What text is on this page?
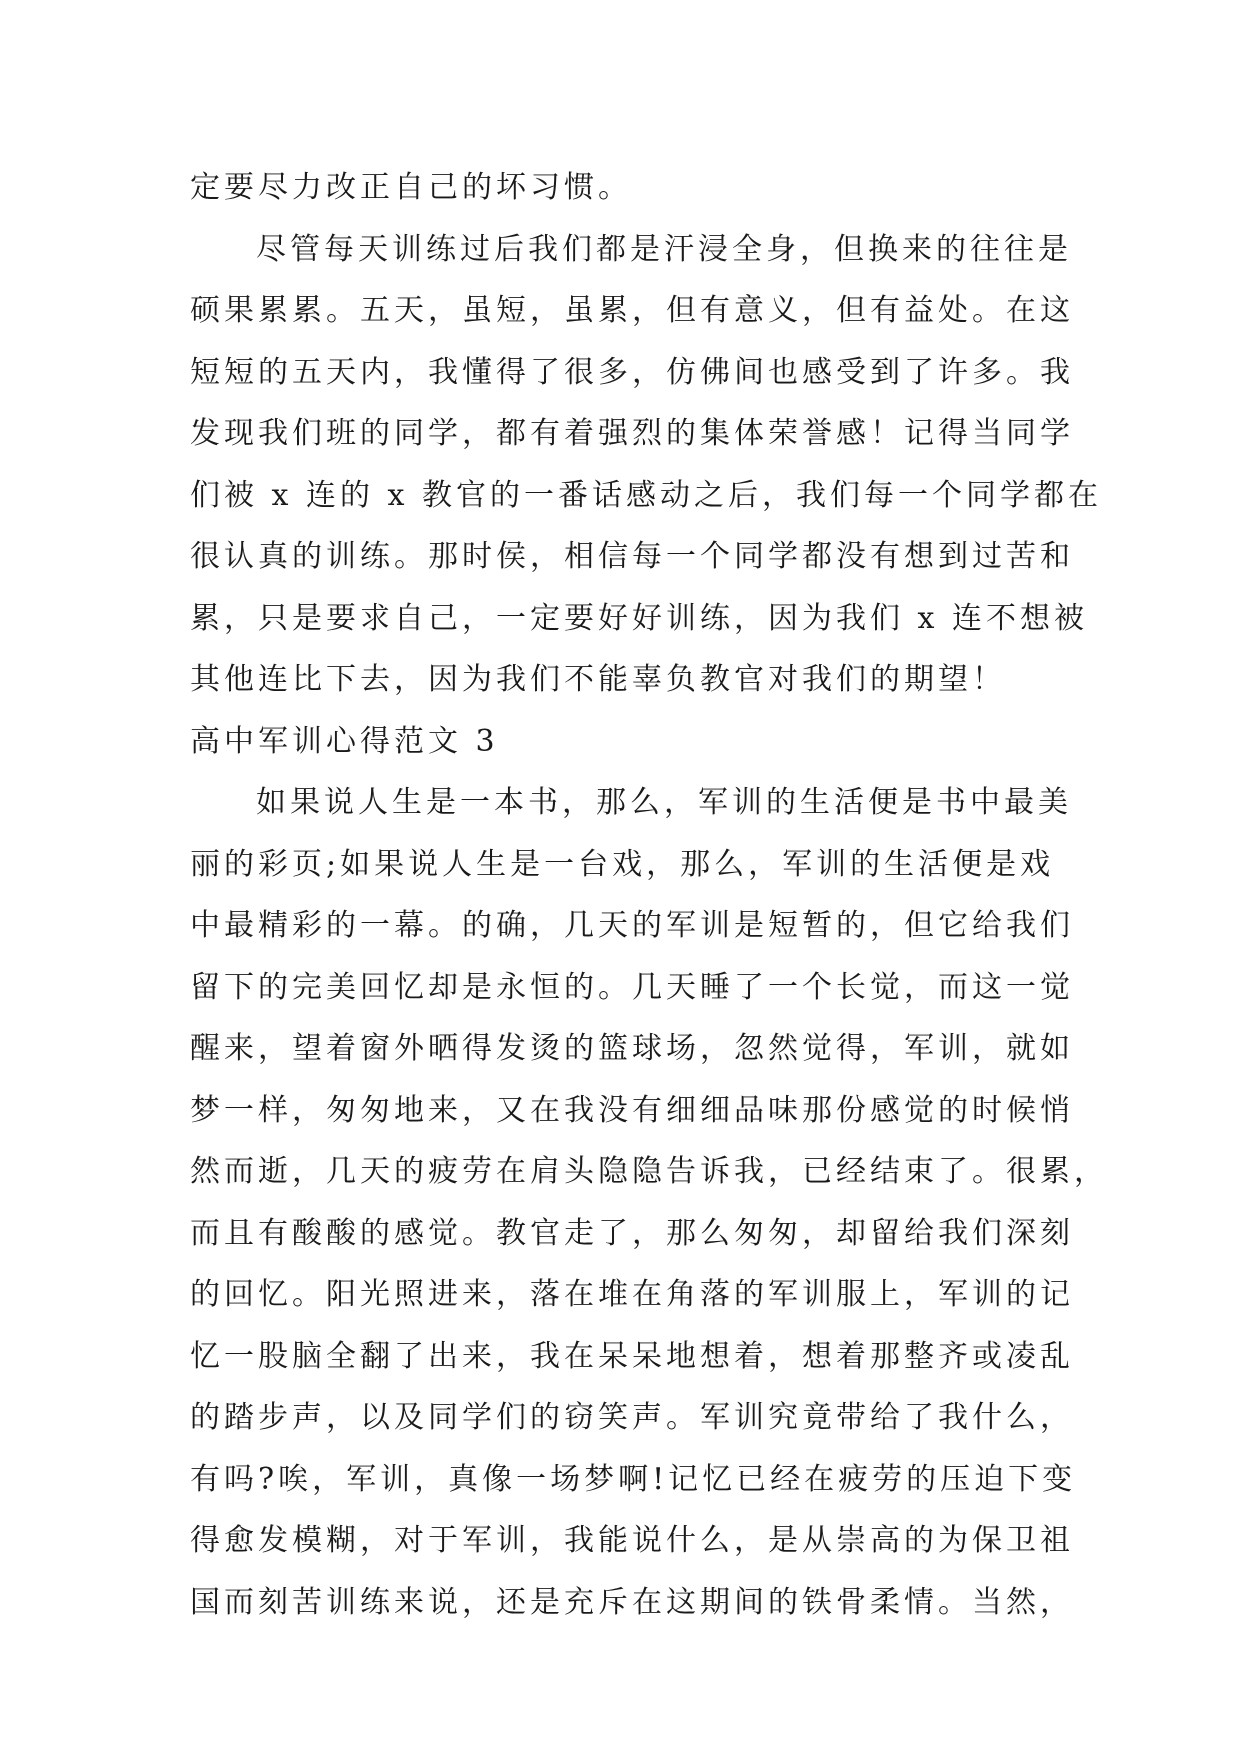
定要尽力改正自己的坏习惯。
尽管每天训练过后我们都是汗浸全身，但换来的往往是
硕果累累。五天，虽短，虽累，但有意义，但有益处。在这
短短的五天内，我懂得了很多，仿佛间也感受到了许多。我
发现我们班的同学，都有着强烈的集体荣誉感！记得当同学
们被 x 连的 x 教官的一番话感动之后，我们每一个同学都在
很认真的训练。那时侯，相信每一个同学都没有想到过苦和
累，只是要求自己，一定要好好训练，因为我们 x 连不想被
其他连比下去，因为我们不能辜负教官对我们的期望！
高中军训心得范文 3
如果说人生是一本书，那么，军训的生活便是书中最美
丽的彩页;如果说人生是一台戏，那么，军训的生活便是戏
中最精彩的一幕。的确，几天的军训是短暂的，但它给我们
留下的完美回忆却是永恒的。几天睡了一个长觉，而这一觉
醒来，望着窗外晒得发烫的篮球场，忽然觉得，军训，就如
梦一样，匆匆地来，又在我没有细细品味那份感觉的时候悄
然而逝，几天的疲劳在肩头隐隐告诉我，已经结束了。很累，
而且有酸酸的感觉。教官走了，那么匆匆，却留给我们深刻
的回忆。阳光照进来，落在堆在角落的军训服上，军训的记
忆一股脑全翻了出来，我在呆呆地想着，想着那整齐或凌乱
的踏步声，以及同学们的窃笑声。军训究竟带给了我什么，
有吗?唉，军训，真像一场梦啊!记忆已经在疲劳的压迫下变
得愈发模糊，对于军训，我能说什么，是从崇高的为保卫祖
国而刻苦训练来说，还是充斥在这期间的铁骨柔情。当然，
